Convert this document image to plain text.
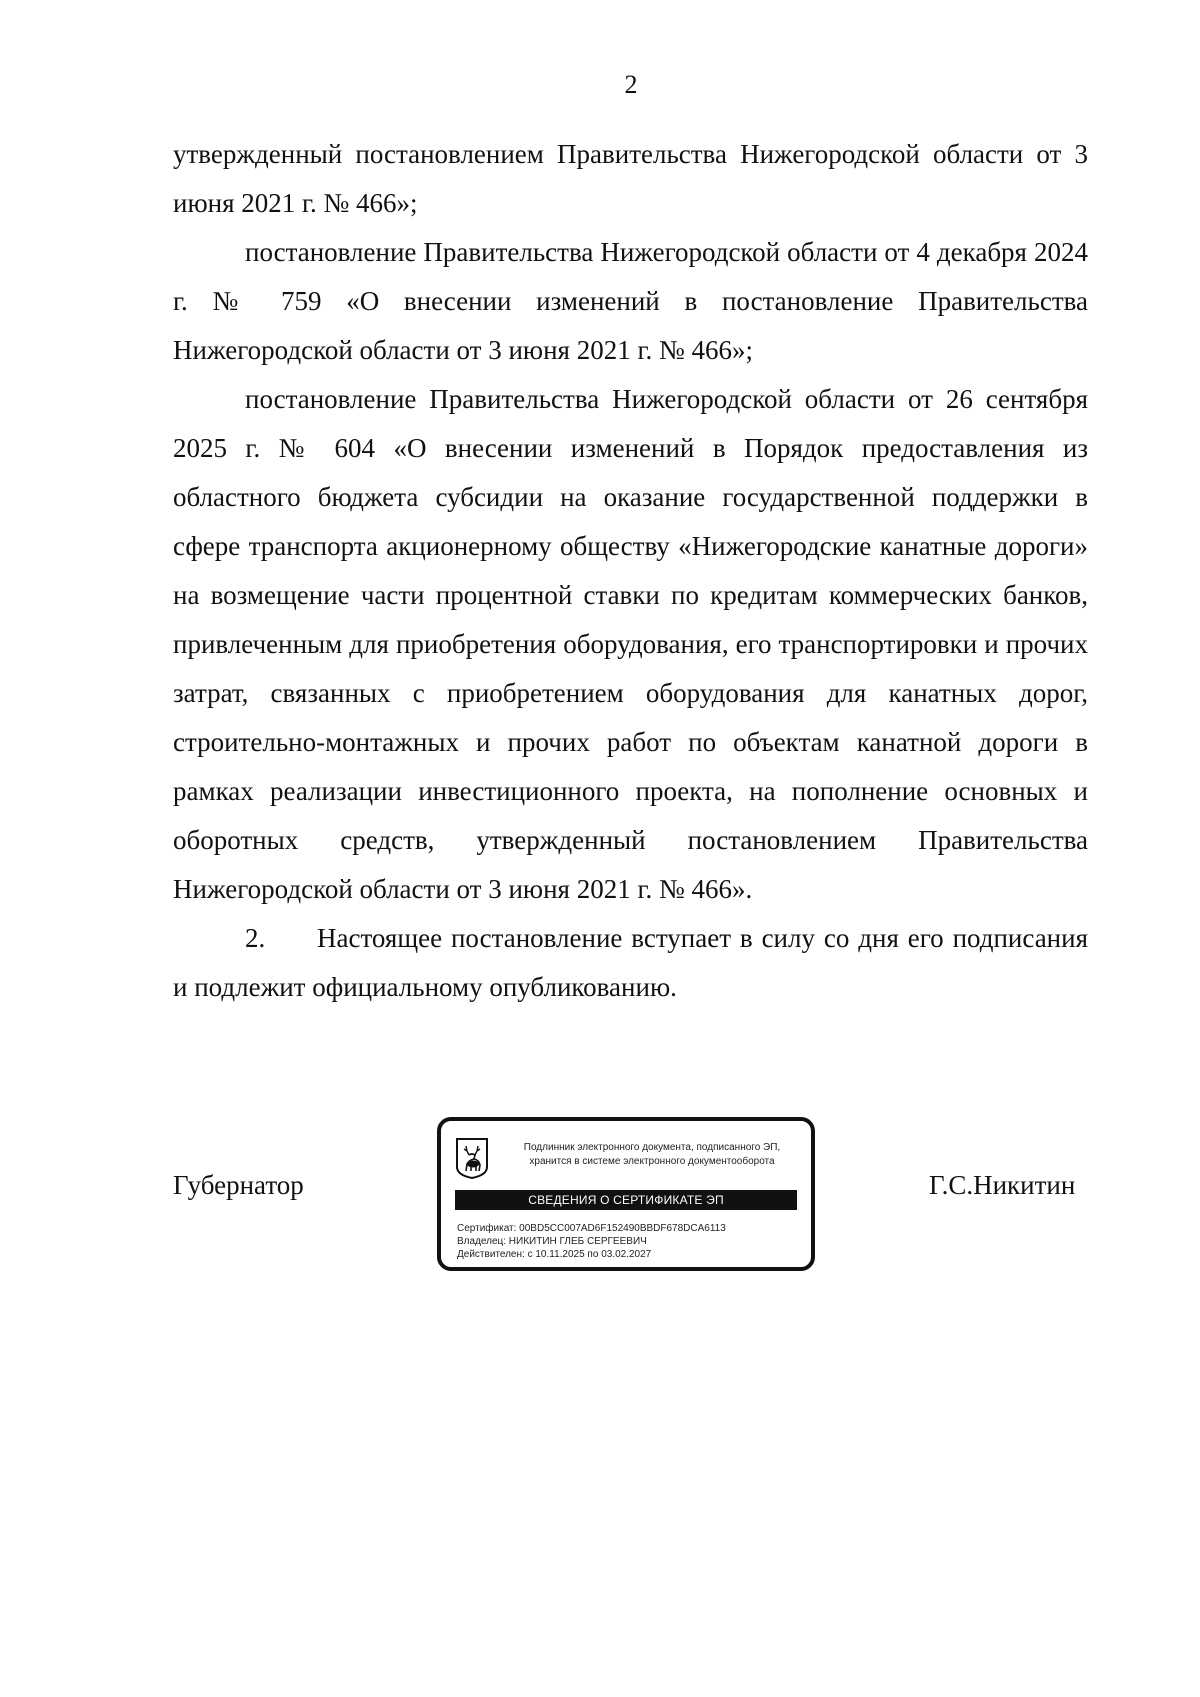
2

утвержденный постановлением Правительства Нижегородской области от 3 июня 2021 г. № 466»;

постановление Правительства Нижегородской области от 4 декабря 2024 г. № 759 «О внесении изменений в постановление Правительства Нижегородской области от 3 июня 2021 г. № 466»;

постановление Правительства Нижегородской области от 26 сентября 2025 г. № 604 «О внесении изменений в Порядок предоставления из областного бюджета субсидии на оказание государственной поддержки в сфере транспорта акционерному обществу «Нижегородские канатные дороги» на возмещение части процентной ставки по кредитам коммерческих банков, привлеченным для приобретения оборудования, его транспортировки и прочих затрат, связанных с приобретением оборудования для канатных дорог, строительно-монтажных и прочих работ по объектам канатной дороги в рамках реализации инвестиционного проекта, на пополнение основных и оборотных средств, утвержденный постановлением Правительства Нижегородской области от 3 июня 2021 г. № 466».

2. Настоящее постановление вступает в силу со дня его подписания и подлежит официальному опубликованию.

Губернатор
Подлинник электронного документа, подписанного ЭП,
хранится в системе электронного документооборота
СВЕДЕНИЯ О СЕРТИФИКАТЕ ЭП
Сертификат: 00BD5CC007AD6F152490BBDF678DCA6113
Владелец: НИКИТИН ГЛЕБ СЕРГЕЕВИЧ
Действителен: с 10.11.2025 по 03.02.2027
Г.С.Никитин
